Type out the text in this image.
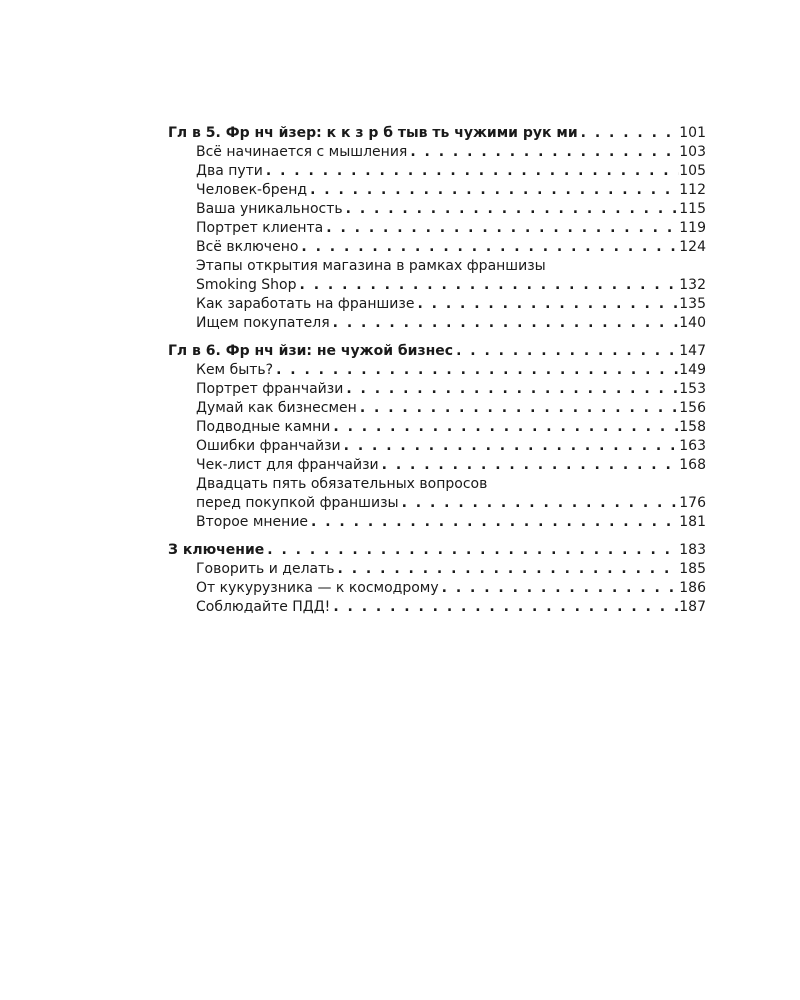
Гл в 5. Фр нч йзер: к к з р б тыв ть чужими рук ми . . .	101
Всё начинается с мышления . . .	103
Два пути . . .	105
Человек-бренд . . .	112
Ваша уникальность . . .	115
Портрет клиента . . .	119
Всё включено . . .	124
Этапы открытия магазина в рамках франшизы
Smoking Shop . . .	132
Как заработать на франшизе . . .	135
Ищем покупателя . . .	140
Гл в 6. Фр нч йзи: не чужой бизнес . . .	147
Кем быть? . . .	149
Портрет франчайзи . . .	153
Думай как бизнесмен . . .	156
Подводные камни . . .	158
Ошибки франчайзи . . .	163
Чек-лист для франчайзи . . .	168
Двадцать пять обязательных вопросов
перед покупкой франшизы . . .	176
Второе мнение . . .	181
З ключение . . .	183
Говорить и делать . . .	185
От кукурузника — к космодрому . . .	186
Соблюдайте ПДД! . . .	187
